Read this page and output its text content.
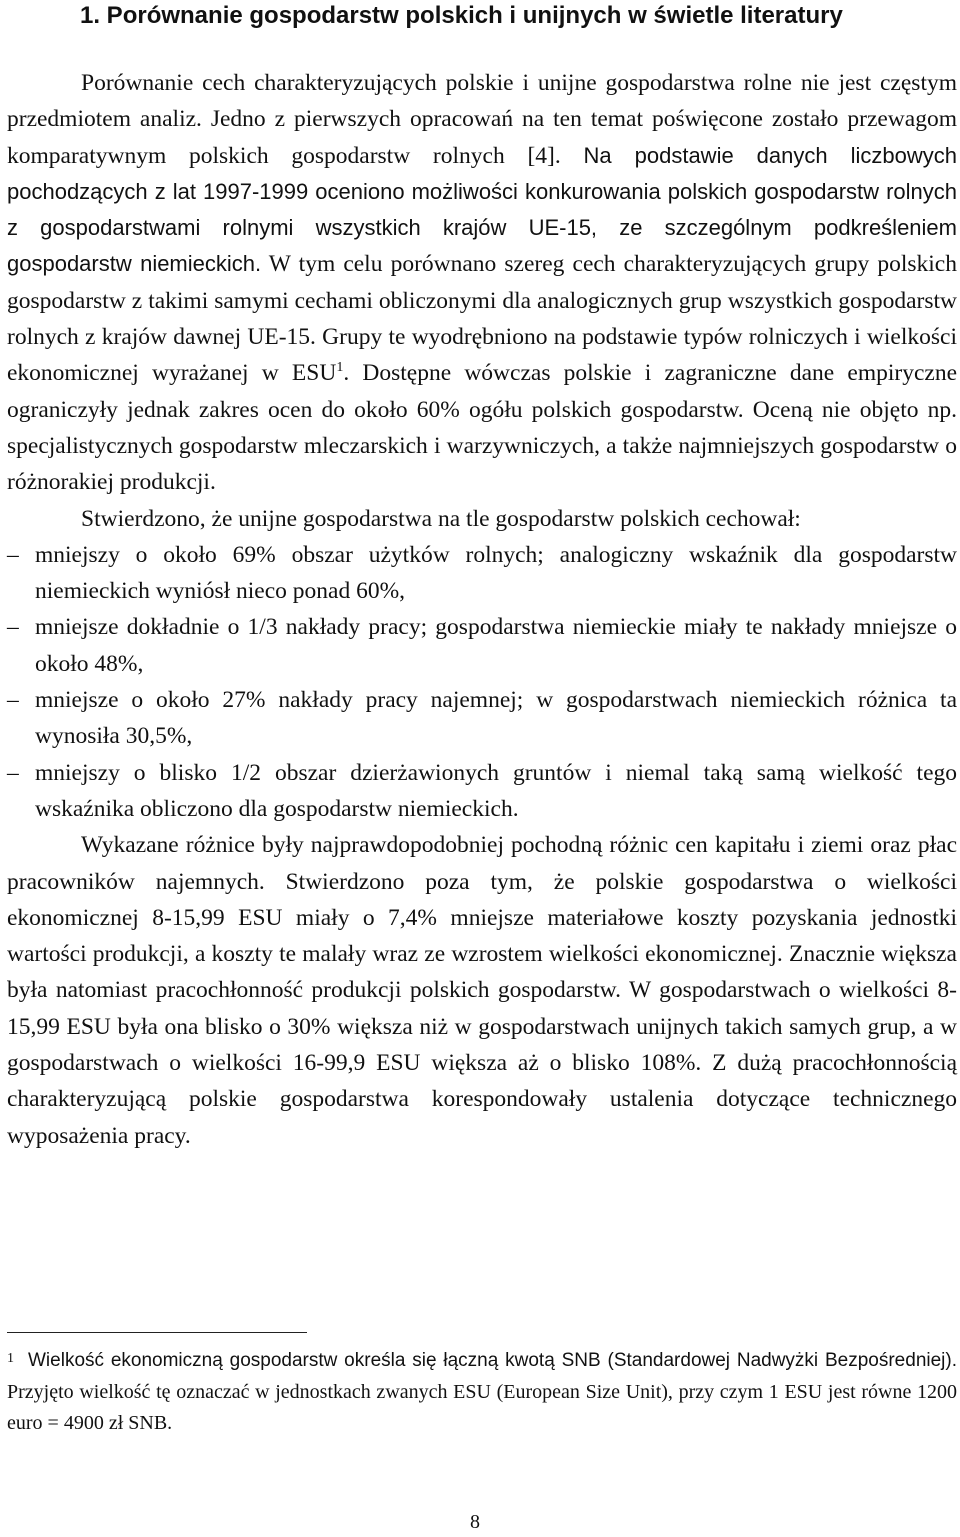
1. Porównanie gospodarstw polskich i unijnych w świetle literatury

Porównanie cech charakteryzujących polskie i unijne gospodarstwa rolne nie jest częstym przedmiotem analiz. Jedno z pierwszych opracowań na ten temat poświęcone zostało przewagom komparatywnym polskich gospodarstw rolnych [4]. Na podstawie danych liczbowych pochodzących z lat 1997-1999 oceniono możliwości konkurowania polskich gospodarstw rolnych z gospodarstwami rolnymi wszystkich krajów UE-15, ze szczególnym podkreśleniem gospodarstw niemieckich. W tym celu porównano szereg cech charakteryzujących grupy polskich gospodarstw z takimi samymi cechami obliczonymi dla analogicznych grup wszystkich gospodarstw rolnych z krajów dawnej UE-15. Grupy te wyodrębniono na podstawie typów rolniczych i wielkości ekonomicznej wyrażanej w ESU$^1$. Dostępne wówczas polskie i zagraniczne dane empiryczne ograniczyły jednak zakres ocen do około 60% ogółu polskich gospodarstw. Oceną nie objęto np. specjalistycznych gospodarstw mleczarskich i warzywniczych, a także najmniejszych gospodarstw o różnorakiej produkcji.

Stwierdzono, że unijne gospodarstwa na tle gospodarstw polskich cechował:

– mniejszy o około 69% obszar użytków rolnych; analogiczny wskaźnik dla gospodarstw niemieckich wyniósł nieco ponad 60%,
– mniejsze dokładnie o 1/3 nakłady pracy; gospodarstwa niemieckie miały te nakłady mniejsze o około 48%,
– mniejsze o około 27% nakłady pracy najemnej; w gospodarstwach niemieckich różnica ta wynosiła 30,5%,
– mniejszy o blisko 1/2 obszar dzierżawionych gruntów i niemal taką samą wielkość tego wskaźnika obliczono dla gospodarstw niemieckich.

Wykazane różnice były najprawdopodobniej pochodną różnic cen kapitału i ziemi oraz płac pracowników najemnych. Stwierdzono poza tym, że polskie gospodarstwa o wielkości ekonomicznej 8-15,99 ESU miały o 7,4% mniejsze materiałowe koszty pozyskania jednostki wartości produkcji, a koszty te malały wraz ze wzrostem wielkości ekonomicznej. Znacznie większa była natomiast pracochłonność produkcji polskich gospodarstw. W gospodarstwach o wielkości 8-15,99 ESU była ona blisko o 30% większa niż w gospodarstwach unijnych takich samych grup, a w gospodarstwach o wielkości 16-99,9 ESU większa aż o blisko 108%. Z dużą pracochłonnością charakteryzującą polskie gospodarstwa korespondowały ustalenia dotyczące technicznego wyposażenia pracy.

$^1$ Wielkość ekonomiczną gospodarstw określa się łączną kwotą SNB (Standardowej Nadwyżki Bezpośredniej). Przyjęto wielkość tę oznaczać w jednostkach zwanych ESU (European Size Unit), przy czym 1 ESU jest równe 1200 euro = 4900 zł SNB.

8
